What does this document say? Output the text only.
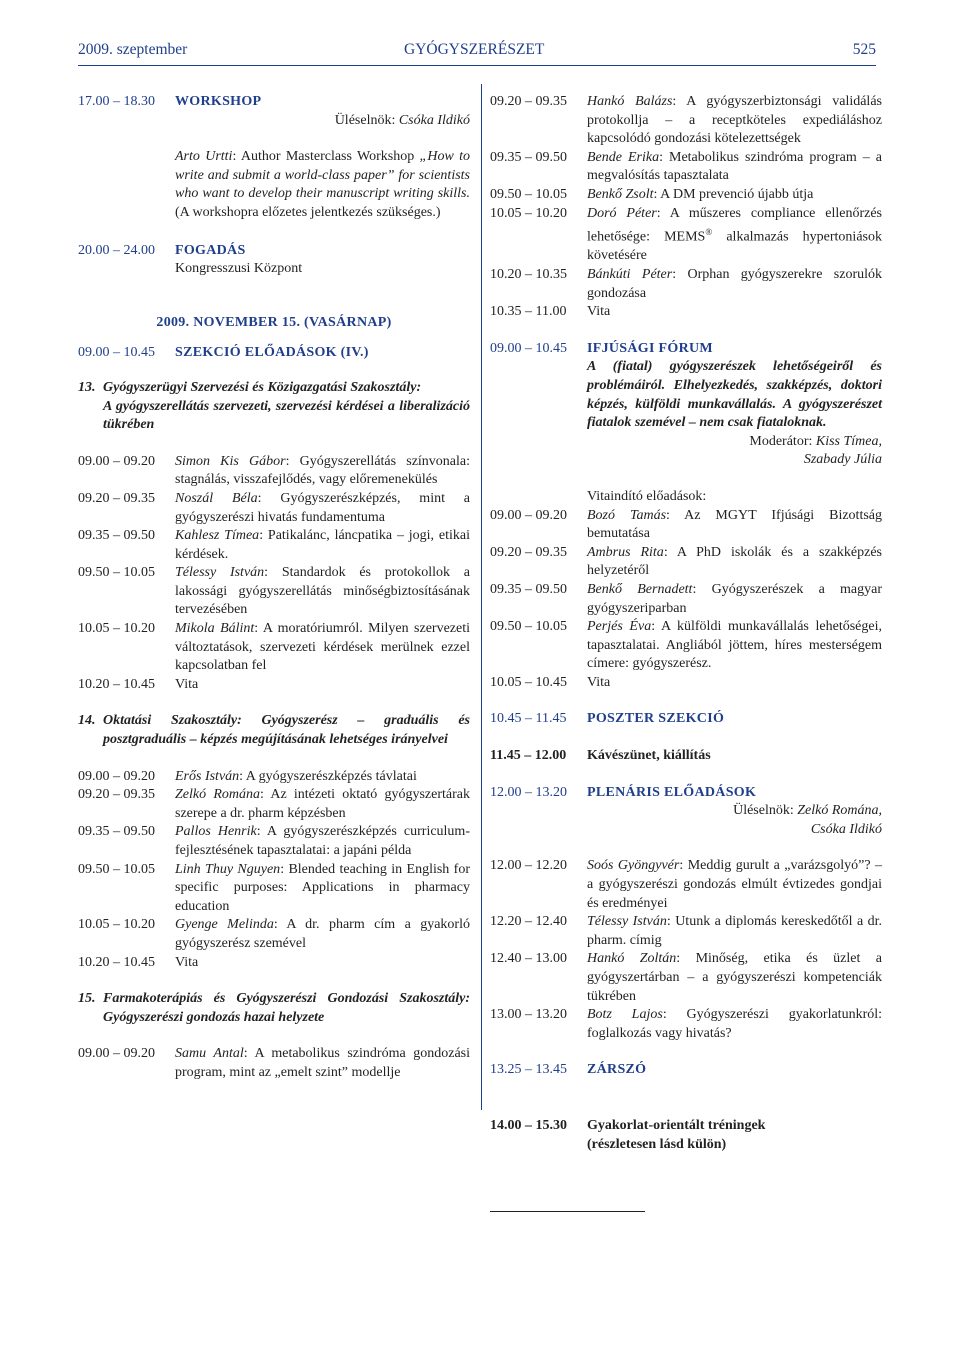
2009. szeptember	GYÓGYSZERÉSZET	525
17.00 – 18.30	WORKSHOP
Üléselnök: Csóka Ildikó
Arto Urtti: Author Masterclass Workshop „How to write and submit a world-class paper” for scientists who want to develop their manuscript writing skills. (A workshopra előzetes jelentkezés szükséges.)
20.00 – 24.00	FOGADÁS
Kongresszusi Központ
2009. NOVEMBER 15. (VASÁRNAP)
09.00 – 10.45	SZEKCIÓ ELŐADÁSOK (IV.)
13. Gyógyszerügyi Szervezési és Közigazgatási Szakosztály:
A gyógyszerellátás szervezeti, szervezési kérdései a liberalizáció tükrében
09.00 – 09.20	Simon Kis Gábor: Gyógyszerellátás színvonala: stagnálás, visszafejlődés, vagy előremenekülés
09.20 – 09.35	Noszál Béla: Gyógyszerészképzés, mint a gyógyszerészi hivatás fundamentuma
09.35 – 09.50	Kahlesz Tímea: Patikalánc, láncpatika – jogi, etikai kérdések.
09.50 – 10.05	Télessy István: Standardok és protokollok a lakossági gyógyszerellátás minőségbiztosításának tervezésében
10.05 – 10.20	Mikola Bálint: A moratóriumról. Milyen szervezeti változtatások, szervezeti kérdések merülnek ezzel kapcsolatban fel
10.20 – 10.45	Vita
14. Oktatási Szakosztály: Gyógyszerész – graduális és posztgraduális – képzés megújításának lehetséges irányelvei
09.00 – 09.20	Erős István: A gyógyszerészképzés távlatai
09.20 – 09.35	Zelkó Romána: Az intézeti oktató gyógyszertárak szerepe a dr. pharm képzésben
09.35 – 09.50	Pallos Henrik: A gyógyszerészképzés curriculum-fejlesztésének tapasztalatai: a japáni példa
09.50 – 10.05	Linh Thuy Nguyen: Blended teaching in English for specific purposes: Applications in pharmacy education
10.05 – 10.20	Gyenge Melinda: A dr. pharm cím a gyakorló gyógyszerész szemével
10.20 – 10.45	Vita
15. Farmakoterápiás és Gyógyszerészi Gondozási Szakosztály: Gyógyszerészi gondozás hazai helyzete
09.00 – 09.20	Samu Antal: A metabolikus szindróma gondozási program, mint az „emelt szint” modellje
09.20 – 09.35	Hankó Balázs: A gyógyszerbiztonsági validálás protokollja – a receptköteles expediáláshoz kapcsolódó gondozási kötelezettségek
09.35 – 09.50	Bende Erika: Metabolikus szindróma program – a megvalósítás tapasztalata
09.50 – 10.05	Benkő Zsolt: A DM prevenció újabb útja
10.05 – 10.20	Doró Péter: A műszeres compliance ellenőrzés lehetősége: MEMS® alkalmazás hypertoniások követésére
10.20 – 10.35	Bánkúti Péter: Orphan gyógyszerekre szorulók gondozása
10.35 – 11.00	Vita
09.00 – 10.45	IFJÚSÁGI FÓRUM
A (fiatal) gyógyszerészek lehetőségeiről és problémáiról. Elhelyezkedés, szakképzés, doktori képzés, külföldi munkavállalás. A gyógyszerészet fiatalok szemével – nem csak fiataloknak.
Moderátor: Kiss Tímea,
Szabady Júlia
Vitaindító előadások:
09.00 – 09.20	Bozó Tamás: Az MGYT Ifjúsági Bizottság bemutatása
09.20 – 09.35	Ambrus Rita: A PhD iskolák és a szakképzés helyzetéről
09.35 – 09.50	Benkő Bernadett: Gyógyszerészek a magyar gyógyszeriparban
09.50 – 10.05	Perjés Éva: A külföldi munkavállalás lehetőségei, tapasztalatai. Angliából jöttem, híres mesterségem címere: gyógyszerész.
10.05 – 10.45	Vita
10.45 – 11.45	POSZTER SZEKCIÓ
11.45 – 12.00	Kávészünet, kiállítás
12.00 – 13.20	PLENÁRIS ELŐADÁSOK
Üléselnök: Zelkó Romána,
Csóka Ildikó
12.00 – 12.20	Soós Gyöngyvér: Meddig gurult a „varázsgolyó”? – a gyógyszerészi gondozás elmúlt évtizedes gondjai és eredményei
12.20 – 12.40	Télessy István: Utunk a diplomás kereskedőtől a dr. pharm. címig
12.40 – 13.00	Hankó Zoltán: Minőség, etika és üzlet a gyógyszertárban – a gyógyszerészi kompetenciák tükrében
13.00 – 13.20	Botz Lajos: Gyógyszerészi gyakorlatunkról: foglalkozás vagy hivatás?
13.25 – 13.45	ZÁRSZÓ
14.00 – 15.30	Gyakorlat-orientált tréningek
(részletesen lásd külön)
